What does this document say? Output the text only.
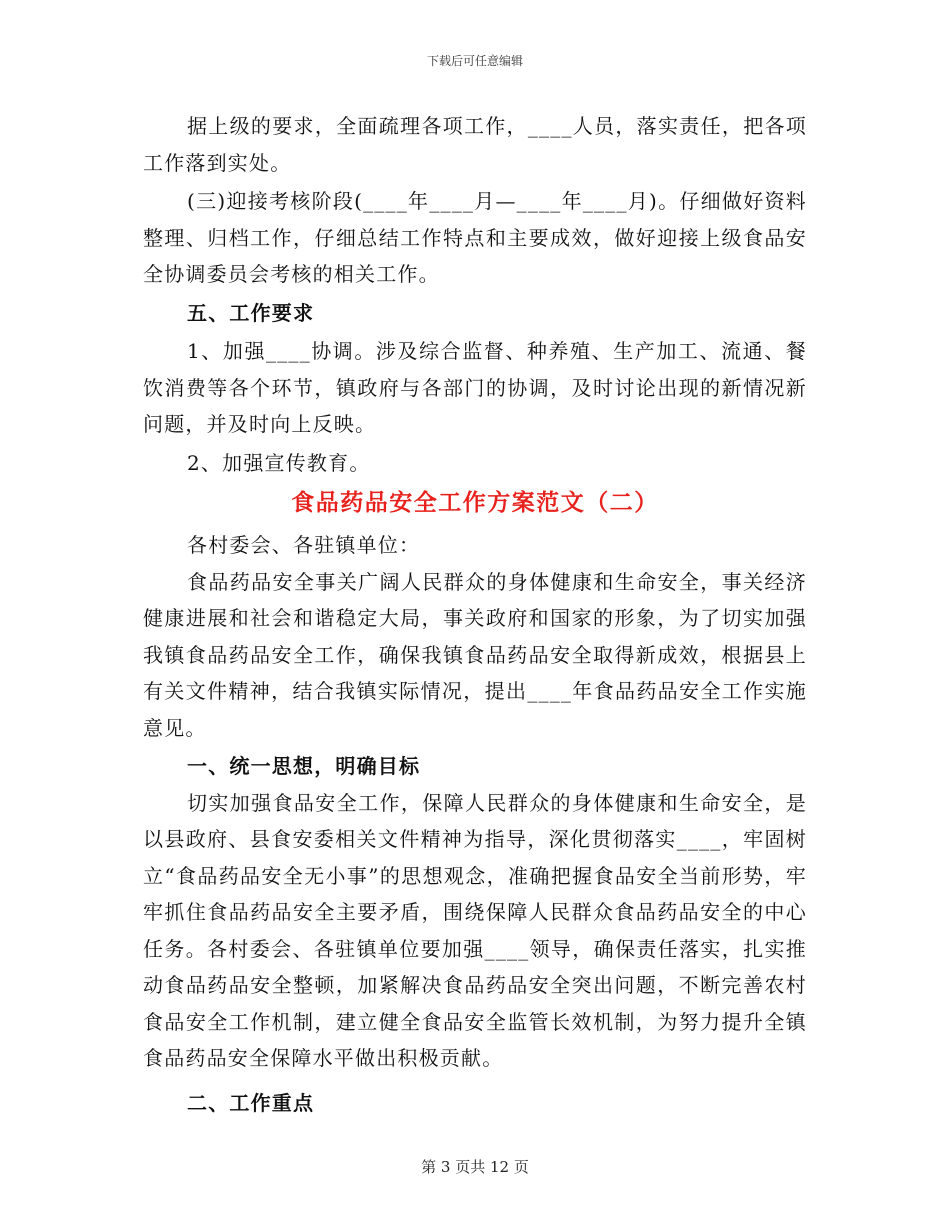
下载后可任意编辑

据上级的要求，全面疏理各项工作，____人员，落实责任，把各项工作落到实处。

(三)迎接考核阶段(____年____月—____年____月)。仔细做好资料整理、归档工作，仔细总结工作特点和主要成效，做好迎接上级食品安全协调委员会考核的相关工作。

五、工作要求

1、加强____协调。涉及综合监督、种养殖、生产加工、流通、餐饮消费等各个环节，镇政府与各部门的协调，及时讨论出现的新情况新问题，并及时向上反映。

2、加强宣传教育。

食品药品安全工作方案范文（二）

各村委会、各驻镇单位：

食品药品安全事关广阔人民群众的身体健康和生命安全，事关经济健康进展和社会和谐稳定大局，事关政府和国家的形象，为了切实加强我镇食品药品安全工作，确保我镇食品药品安全取得新成效，根据县上有关文件精神，结合我镇实际情况，提出____年食品药品安全工作实施意见。

一、统一思想，明确目标

切实加强食品安全工作，保障人民群众的身体健康和生命安全，是以县政府、县食安委相关文件精神为指导，深化贯彻落实____，牢固树立“食品药品安全无小事”的思想观念，准确把握食品安全当前形势，牢牢抓住食品药品安全主要矛盾，围绕保障人民群众食品药品安全的中心任务。各村委会、各驻镇单位要加强____领导，确保责任落实，扎实推动食品药品安全整顿，加紧解决食品药品安全突出问题，不断完善农村食品安全工作机制，建立健全食品安全监管长效机制，为努力提升全镇食品药品安全保障水平做出积极贡献。

二、工作重点

第 3 页共 12 页
